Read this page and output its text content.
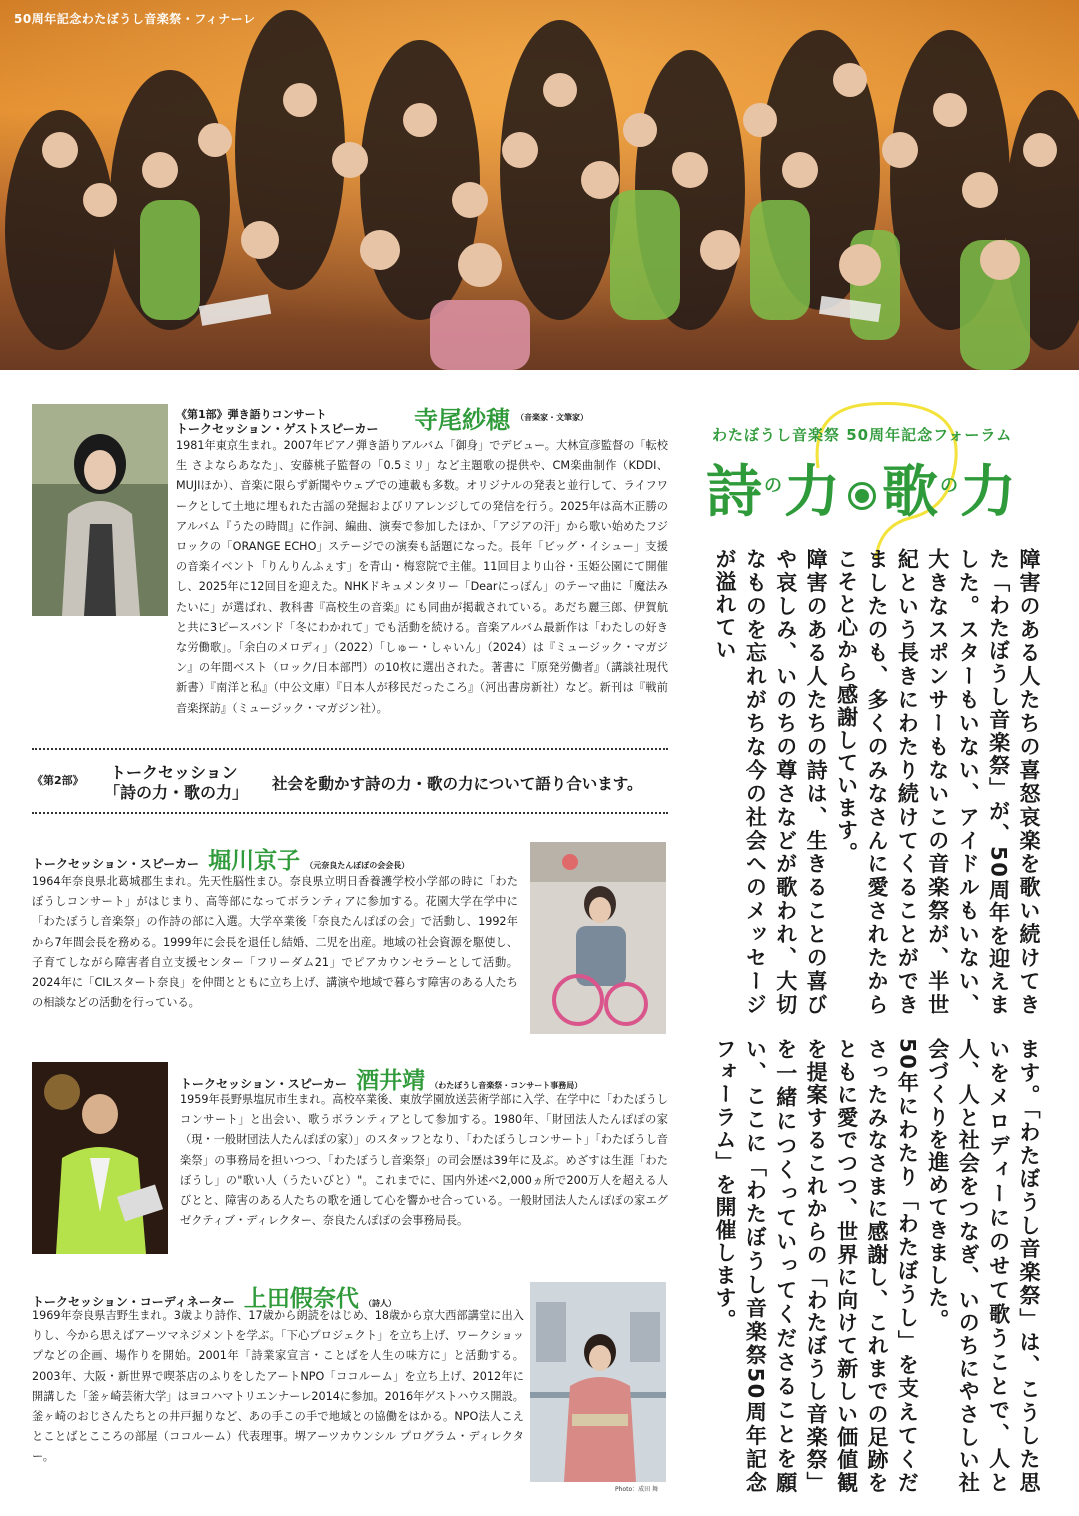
50周年記念わたぼうし音楽祭・フィナーレ
《第1部》弾き語りコンサート
トークセッション・ゲストスピーカー 寺尾紗穂 （音楽家・文筆家）
1981年東京生まれ。2007年ピアノ弾き語りアルバム「御身」でデビュー。大林宣彦監督の「転校生 さよならあなた」、安藤桃子監督の「0.5ミリ」など主題歌の提供や、CM楽曲制作（KDDI、MUJIほか）、音楽に限らず新聞やウェブでの連載も多数。オリジナルの発表と並行して、ライフワークとして土地に埋もれた古謡の発掘およびリアレンジしての発信を行う。2025年は高木正勝のアルバム『うたの時間』に作詞、編曲、演奏で参加したほか、「アジアの汗」から歌い始めたフジロックの「ORANGE ECHO」ステージでの演奏も話題になった。長年「ビッグ・イシュー」支援の音楽イベント「りんりんふぇす」を青山・梅窓院で主催。11回目より山谷・玉姫公園にて開催し、2025年に12回目を迎えた。NHKドキュメンタリー「Dearにっぽん」のテーマ曲に「魔法みたいに」が選ばれ、教科書『高校生の音楽』にも同曲が掲載されている。あだち麗三郎、伊賀航と共に3ピースバンド「冬にわかれて」でも活動を続ける。音楽アルバム最新作は「わたしの好きな労働歌」。「余白のメロディ」（2022）「しゅー・しゃいん」（2024）は『ミュージック・マガジン』の年間ベスト（ロック/日本部門）の10枚に選出された。著書に『原発労働者』（講談社現代新書）『南洋と私』（中公文庫）『日本人が移民だったころ』（河出書房新社）など。新刊は『戦前音楽探訪』（ミュージック・マガジン社）。
《第2部》 トークセッション
「詩の力・歌の力」 社会を動かす詩の力・歌の力について語り合います。
トークセッション・スピーカー 堀川京子 （元奈良たんぽぽの会会長）
1964年奈良県北葛城郡生まれ。先天性脳性まひ。奈良県立明日香養護学校小学部の時に「わたぼうしコンサート」がはじまり、高等部になってボランティアに参加する。花園大学在学中に「わたぼうし音楽祭」の作詩の部に入選。大学卒業後「奈良たんぽぽの会」で活動し、1992年から7年間会長を務める。1999年に会長を退任し結婚、二児を出産。地域の社会資源を駆使し、子育てしながら障害者自立支援センター「フリーダム21」でピアカウンセラーとして活動。2024年に「CILスタート奈良」を仲間とともに立ち上げ、講演や地域で暮らす障害のある人たちの相談などの活動を行っている。
トークセッション・スピーカー 酒井靖 （わたぼうし音楽祭・コンサート事務局）
1959年長野県塩尻市生まれ。高校卒業後、東放学園放送芸術学部に入学、在学中に「わたぼうしコンサート」と出会い、歌うボランティアとして参加する。1980年、「財団法人たんぽぽの家（現・一般財団法人たんぽぽの家）」のスタッフとなり、「わたぼうしコンサート」「わたぼうし音楽祭」の事務局を担いつつ、「わたぼうし音楽祭」の司会歴は39年に及ぶ。めざすは生涯「わたぼうし」の"歌い人（うたいびと）"。これまでに、国内外述べ2,000ヵ所で200万人を超える人びとと、障害のある人たちの歌を通して心を響かせ合っている。一般財団法人たんぽぽの家エグゼクティブ・ディレクター、奈良たんぽぽの会事務局長。
トークセッション・コーディネーター 上田假奈代 （詩人）
1969年奈良県吉野生まれ。3歳より詩作、17歳から朗読をはじめ、18歳から京大西部講堂に出入りし、今から思えばアーツマネジメントを学ぶ。「下心プロジェクト」を立ち上げ、ワークショップなどの企画、場作りを開始。2001年「詩業家宣言・ことばを人生の味方に」と活動する。2003年、大阪・新世界で喫茶店のふりをしたアートNPO「ココルーム」を立ち上げ、2012年に開講した「釜ヶ崎芸術大学」はヨコハマトリエンナーレ2014に参加。2016年ゲストハウス開設。釜ヶ崎のおじさんたちとの井戸掘りなど、あの手この手で地域との協働をはかる。NPO法人こえとことばとこころの部屋（ココルーム）代表理事。堺アーツカウンシル プログラム・ディレクター。
Photo：成田 舞
わたぼうし音楽祭 50周年記念フォーラム
詩$^の$力 歌$^の$力
障害のある人たちの喜怒哀楽を歌い続けてきた「わたぼうし音楽祭」が、50周年を迎えました。スターもいない、アイドルもいない、大きなスポンサーもないこの音楽祭が、半世紀という長きにわたり続けてくることができましたのも、多くのみなさんに愛されたからこそと心から感謝しています。
障害のある人たちの詩は、生きることの喜びや哀しみ、いのちの尊さなどが歌われ、大切なものを忘れがちな今の社会へのメッセージが溢れてい
ます。「わたぼうし音楽祭」は、こうした思いをメロディーにのせて歌うことで、人と人、人と社会をつなぎ、いのちにやさしい社会づくりを進めてきました。
50年にわたり「わたぼうし」を支えてくださったみなさまに感謝し、これまでの足跡をともに愛でつつ、世界に向けて新しい価値観を提案するこれからの「わたぼうし音楽祭」を一緒につくっていってくださることを願い、ここに「わたぼうし音楽祭50周年記念フォーラム」を開催します。
